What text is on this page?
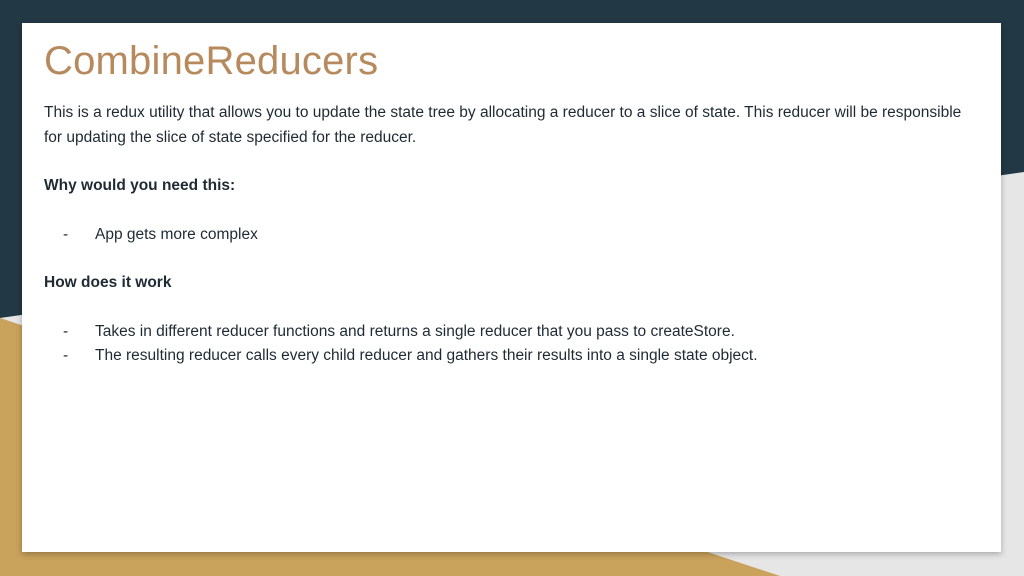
CombineReducers

This is a redux utility that allows you to update the state tree by allocating a reducer to a slice of state. This reducer will be responsible for updating the slice of state specified for the reducer.

Why would you need this:

-	App gets more complex

How does it work

-	Takes in different reducer functions and returns a single reducer that you pass to createStore.
-	The resulting reducer calls every child reducer and gathers their results into a single state object.
